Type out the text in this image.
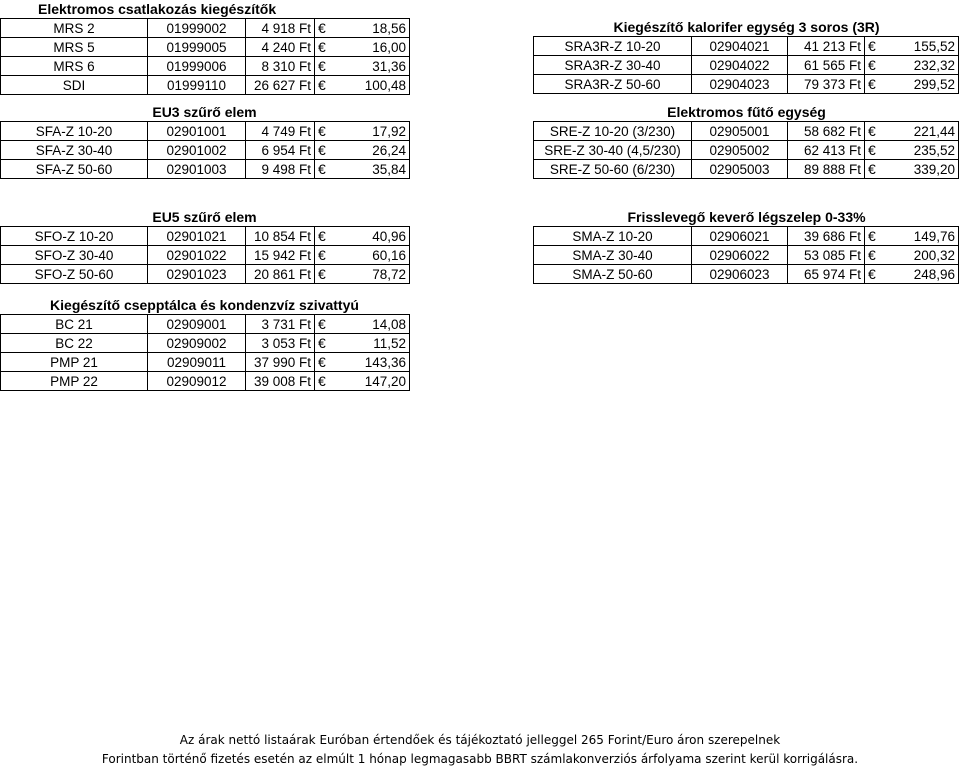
Elektromos csatlakozás kiegészítők
MRS 2	01999002	4 918 Ft	€ 18,56
MRS 5	01999005	4 240 Ft	€ 16,00
MRS 6	01999006	8 310 Ft	€ 31,36
SDI	01999110	26 627 Ft	€ 100,48
Kiegészítő kalorifer egység 3 soros (3R)
SRA3R-Z 10-20	02904021	41 213 Ft	€ 155,52
SRA3R-Z 30-40	02904022	61 565 Ft	€ 232,32
SRA3R-Z 50-60	02904023	79 373 Ft	€ 299,52
EU3 szűrő elem
SFA-Z 10-20	02901001	4 749 Ft	€ 17,92
SFA-Z 30-40	02901002	6 954 Ft	€ 26,24
SFA-Z 50-60	02901003	9 498 Ft	€ 35,84
Elektromos fűtő egység
SRE-Z 10-20 (3/230)	02905001	58 682 Ft	€ 221,44
SRE-Z 30-40 (4,5/230)	02905002	62 413 Ft	€ 235,52
SRE-Z 50-60 (6/230)	02905003	89 888 Ft	€ 339,20
EU5 szűrő elem
SFO-Z 10-20	02901021	10 854 Ft	€ 40,96
SFO-Z 30-40	02901022	15 942 Ft	€ 60,16
SFO-Z 50-60	02901023	20 861 Ft	€ 78,72
Frisslevegő keverő légszelep 0-33%
SMA-Z 10-20	02906021	39 686 Ft	€ 149,76
SMA-Z 30-40	02906022	53 085 Ft	€ 200,32
SMA-Z 50-60	02906023	65 974 Ft	€ 248,96
Kiegészítő csepptálca és kondenzvíz szivattyú
BC 21	02909001	3 731 Ft	€ 14,08
BC 22	02909002	3 053 Ft	€ 11,52
PMP 21	02909011	37 990 Ft	€ 143,36
PMP 22	02909012	39 008 Ft	€ 147,20
Az árak nettó listaárak Euróban értendőek és tájékoztató jelleggel 265 Forint/Euro áron szerepelnek
Forintban történő fizetés esetén az elmúlt 1 hónap legmagasabb BBRT számlakonverziós árfolyama szerint kerül korrigálásra.
